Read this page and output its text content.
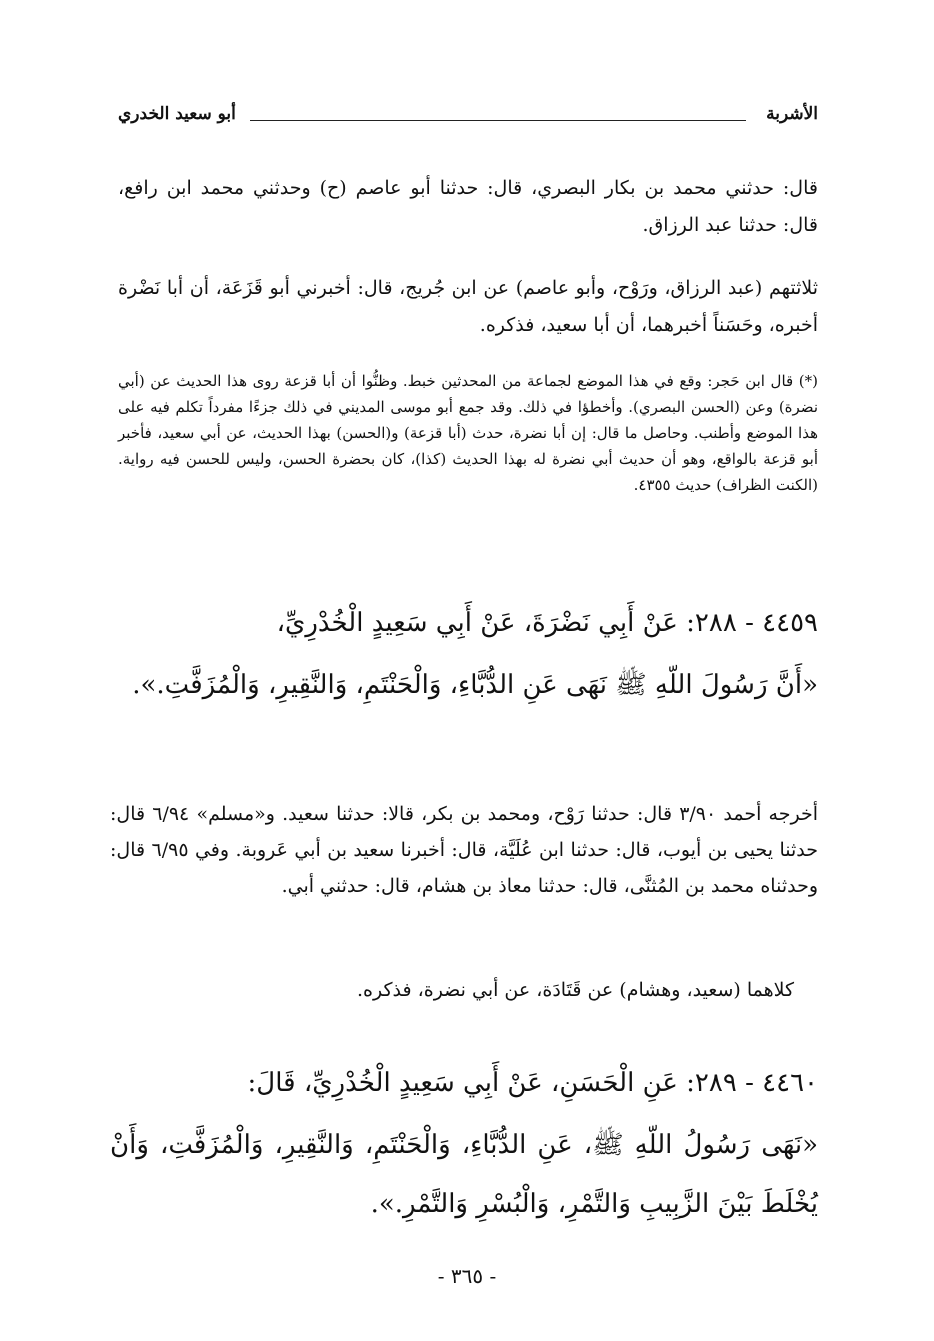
الأشربة
أبو سعيد الخدري
قال: حدثني محمد بن بكار البصري، قال: حدثنا أبو عاصم (ح) وحدثني محمد ابن رافع، قال: حدثنا عبد الرزاق.
ثلاثتهم (عبد الرزاق، ورَوْح، وأبو عاصم) عن ابن جُريج، قال: أخبرني أبو قَزَعَة، أن أبا نَضْرة أخبره، وحَسَناً أخبرهما، أن أبا سعيد، فذكره.
(*) قال ابن حَجر: وقع في هذا الموضع لجماعة من المحدثين خبط. وظنُّوا أن أبا قزعة روى هذا الحديث عن (أبي نضرة) وعن (الحسن البصري). وأخطؤا في ذلك. وقد جمع أبو موسى المديني في ذلك جزءًا مفرداً تكلم فيه على هذا الموضع وأطنب. وحاصل ما قال: إن أبا نضرة، حدث (أبا قزعة) و(الحسن) بهذا الحديث، عن أبي سعيد، فأخبر أبو قزعة بالواقع، وهو أن حديث أبي نضرة له بهذا الحديث (كذا)، كان بحضرة الحسن، وليس للحسن فيه رواية. (الكنت الظراف) حديث ٤٣٥٥.
٤٤٥٩ - ٢٨٨: عَنْ أَبِي نَضْرَةَ، عَنْ أَبِي سَعِيدٍ الْخُدْرِيِّ،
«أَنَّ رَسُولَ اللّهِ ﷺ نَهَى عَنِ الدُّبَّاءِ، وَالْحَنْتَمِ، وَالنَّقِيرِ، وَالْمُزَفَّتِ.».
أخرجه أحمد ٣/٩٠ قال: حدثنا رَوْح، ومحمد بن بكر، قالا: حدثنا سعيد. و«مسلم» ٦/٩٤ قال: حدثنا يحيى بن أيوب، قال: حدثنا ابن عُلَيَّة، قال: أخبرنا سعيد بن أبي عَروبة. وفي ٦/٩٥ قال: وحدثناه محمد بن المُثنَّى، قال: حدثنا معاذ بن هشام، قال: حدثني أبي.
كلاهما (سعيد، وهشام) عن قَتَادَة، عن أبي نضرة، فذكره.
٤٤٦٠ - ٢٨٩: عَنِ الْحَسَنِ، عَنْ أَبِي سَعِيدٍ الْخُدْرِيِّ، قَالَ:
«نَهَى رَسُولُ اللّهِ ﷺ، عَنِ الدُّبَّاءِ، وَالْحَنْتَمِ، وَالنَّقِيرِ، وَالْمُزَفَّتِ، وَأَنْ يُخْلَطَ بَيْنَ الزَّبِيبِ وَالتَّمْرِ، وَالْبُسْرِ وَالتَّمْرِ.».
- ٣٦٥ -
